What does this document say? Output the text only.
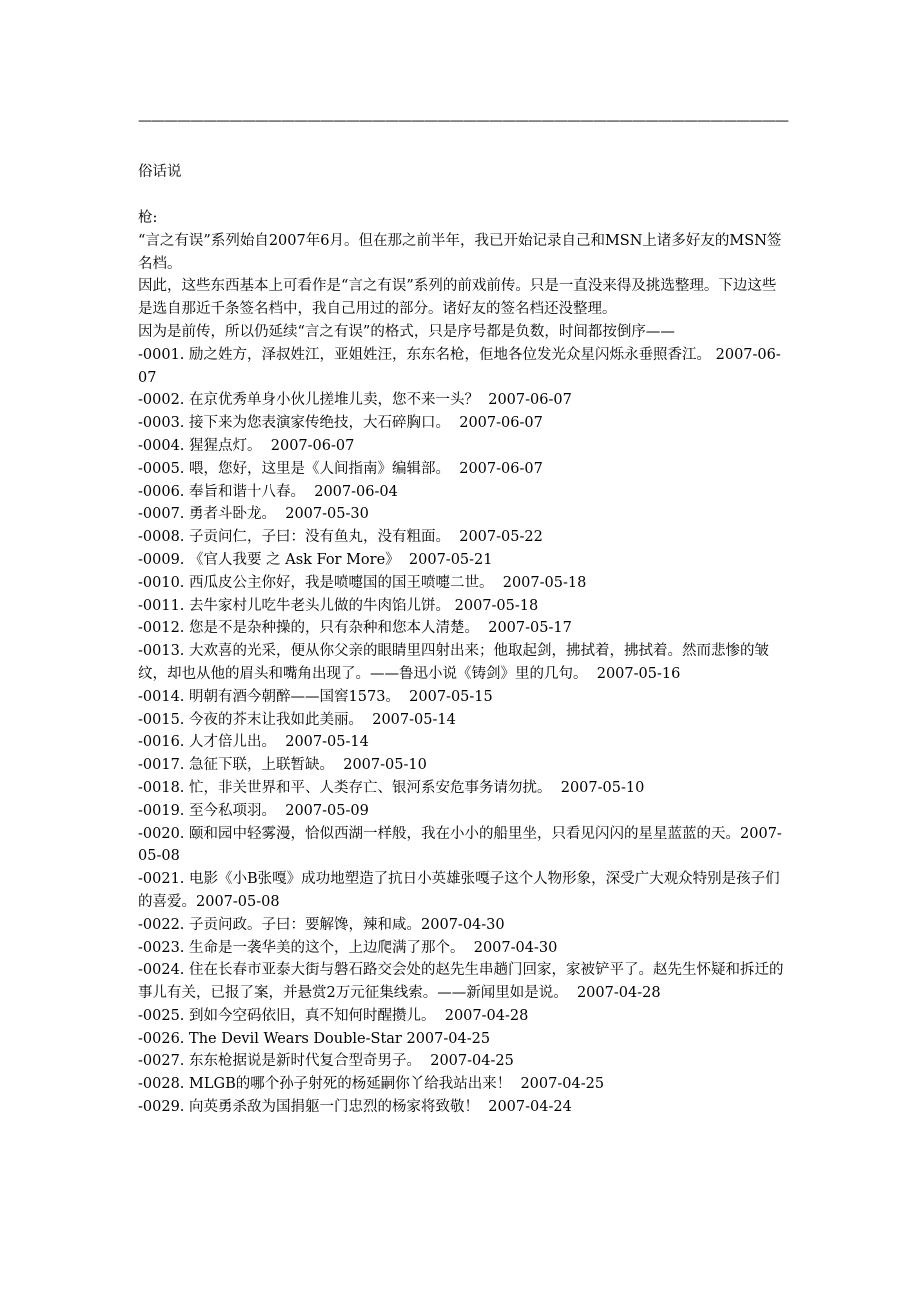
——————————————————————————————————————————————————
俗话说
枪:
“言之有误”系列始自2007年6月。但在那之前半年，我已开始记录自己和MSN上诸多好友的MSN签名档。
因此，这些东西基本上可看作是“言之有误”系列的前戏前传。只是一直没来得及挑选整理。下边这些是选自那近千条签名档中，我自己用过的部分。诸好友的签名档还没整理。
因为是前传，所以仍延续“言之有误”的格式，只是序号都是负数，时间都按倒序——
-0001. 励之姓方，泽叔姓江，亚姐姓汪，东东名枪，佢地各位发光众星闪烁永垂照香江。 2007-06-07
-0002. 在京优秀单身小伙儿搓堆儿卖，您不来一头？  2007-06-07
-0003. 接下来为您表演家传绝技，大石碎胸口。  2007-06-07
-0004. 猩猩点灯。  2007-06-07
-0005. 喂，您好，这里是《人间指南》编辑部。  2007-06-07
-0006. 奉旨和谐十八春。  2007-06-04
-0007. 勇者斗卧龙。  2007-05-30
-0008. 子贡问仁，子曰：没有鱼丸，没有粗面。  2007-05-22
-0009. 《官人我要 之 Ask For More》  2007-05-21
-0010. 西瓜皮公主你好，我是喷嚏国的国王喷嚏二世。  2007-05-18
-0011. 去牛家村儿吃牛老头儿做的牛肉馅儿饼。 2007-05-18
-0012. 您是不是杂种操的，只有杂种和您本人清楚。  2007-05-17
-0013. 大欢喜的光采，便从你父亲的眼睛里四射出来；他取起剑，拂拭着，拂拭着。然而悲惨的皱纹，却也从他的眉头和嘴角出现了。——鲁迅小说《铸剑》里的几句。  2007-05-16
-0014. 明朝有酒今朝醉——国窖1573。  2007-05-15
-0015. 今夜的芥末让我如此美丽。  2007-05-14
-0016. 人才倍儿出。  2007-05-14
-0017. 急征下联，上联暂缺。  2007-05-10
-0018. 忙，非关世界和平、人类存亡、银河系安危事务请勿扰。  2007-05-10
-0019. 至今私项羽。  2007-05-09
-0020. 颐和园中轻雾漫，恰似西湖一样般，我在小小的船里坐，只看见闪闪的星星蓝蓝的天。2007-05-08
-0021. 电影《小B张嘎》成功地塑造了抗日小英雄张嘎子这个人物形象，深受广大观众特别是孩子们的喜爱。2007-05-08
-0022. 子贡问政。子曰：要解馋，辣和咸。2007-04-30
-0023. 生命是一袭华美的这个，上边爬满了那个。  2007-04-30
-0024. 住在长春市亚泰大街与磐石路交会处的赵先生串趟门回家，家被铲平了。赵先生怀疑和拆迁的事儿有关，已报了案，并悬赏2万元征集线索。——新闻里如是说。  2007-04-28
-0025. 到如今空码依旧，真不知何时醒攒儿。  2007-04-28
-0026. The Devil Wears Double-Star 2007-04-25
-0027. 东东枪据说是新时代复合型奇男子。  2007-04-25
-0028. MLGB的哪个孙子射死的杨延嗣你丫给我站出来！  2007-04-25
-0029. 向英勇杀敌为国捐躯一门忠烈的杨家将致敬！  2007-04-24
